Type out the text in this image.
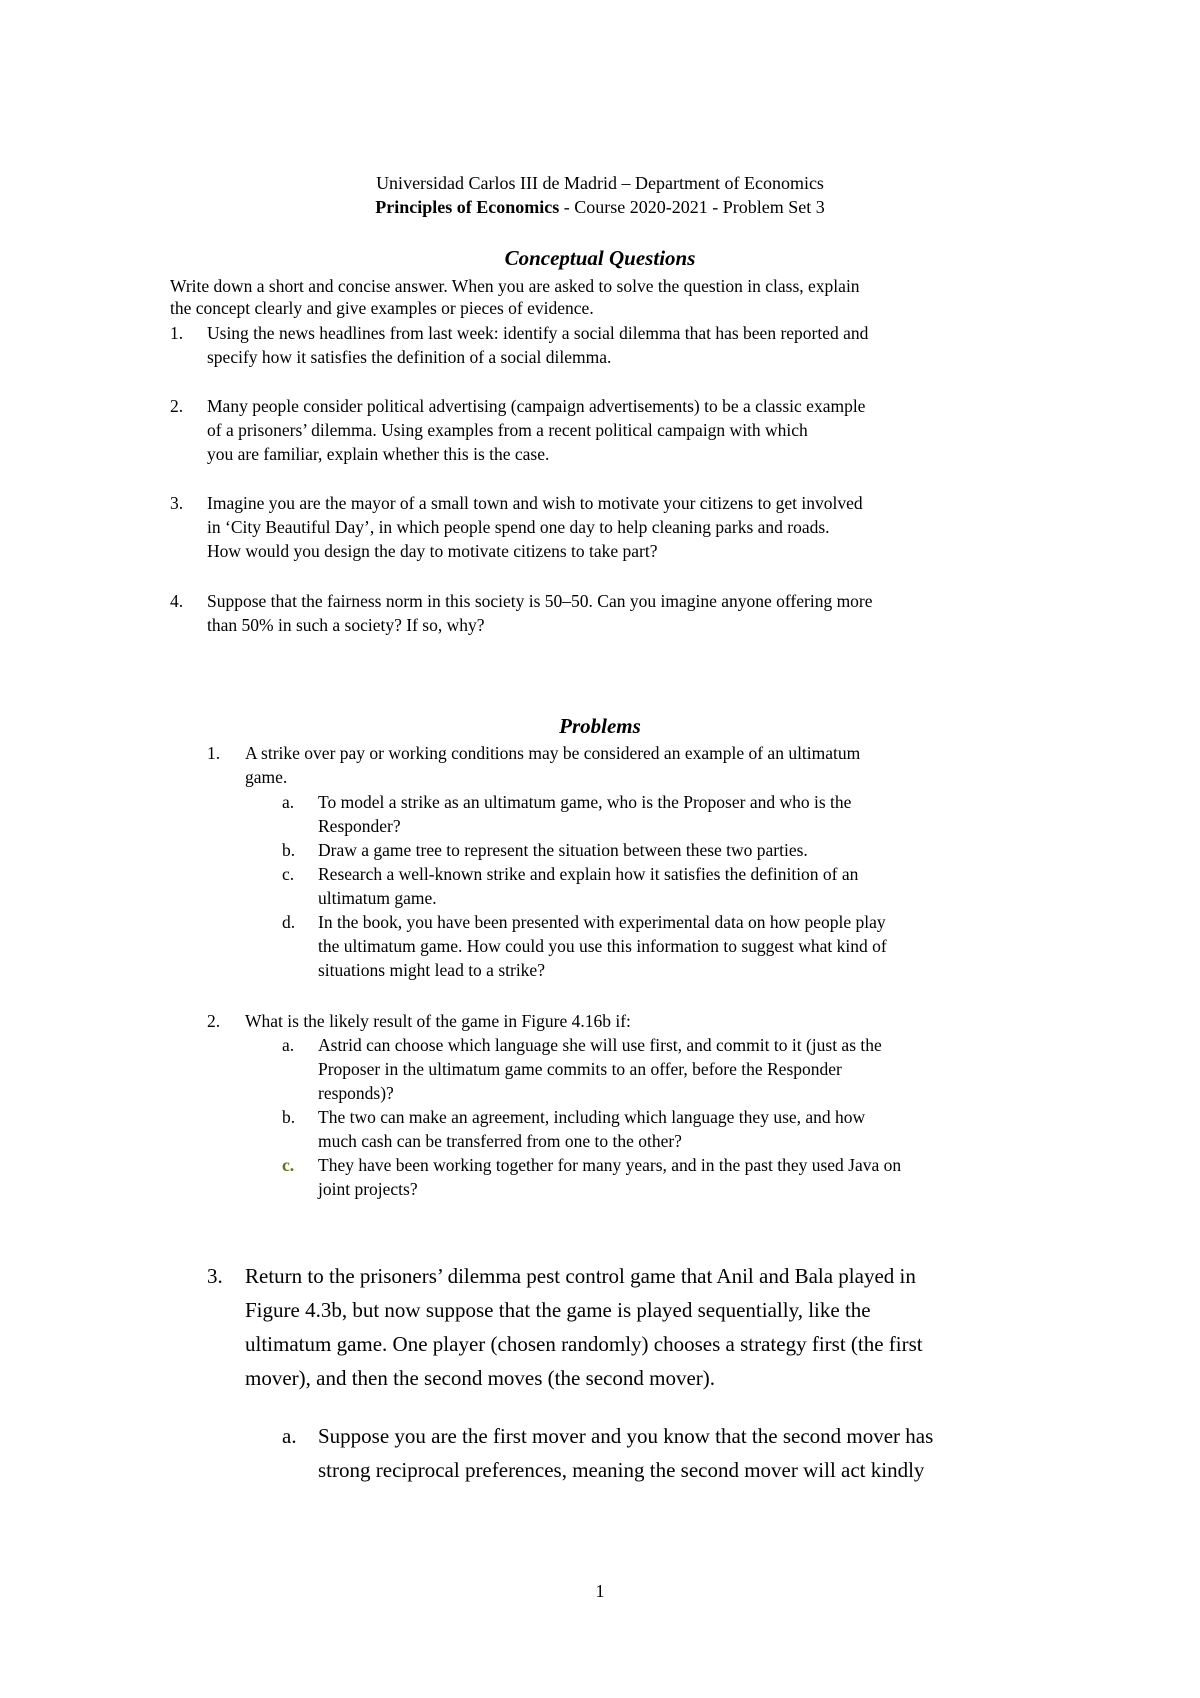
Universidad Carlos III de Madrid – Department of Economics
Principles of Economics - Course 2020-2021 - Problem Set 3
Conceptual Questions
Write down a short and concise answer. When you are asked to solve the question in class, explain
the concept clearly and give examples or pieces of evidence.
1. Using the news headlines from last week: identify a social dilemma that has been reported and
specify how it satisfies the definition of a social dilemma.
2. Many people consider political advertising (campaign advertisements) to be a classic example
of a prisoners’ dilemma. Using examples from a recent political campaign with which
you are familiar, explain whether this is the case.
3. Imagine you are the mayor of a small town and wish to motivate your citizens to get involved
in ‘City Beautiful Day’, in which people spend one day to help cleaning parks and roads.
How would you design the day to motivate citizens to take part?
4. Suppose that the fairness norm in this society is 50–50. Can you imagine anyone offering more
than 50% in such a society? If so, why?
Problems
1. A strike over pay or working conditions may be considered an example of an ultimatum
game.
a. To model a strike as an ultimatum game, who is the Proposer and who is the
Responder?
b. Draw a game tree to represent the situation between these two parties.
c. Research a well-known strike and explain how it satisfies the definition of an
ultimatum game.
d. In the book, you have been presented with experimental data on how people play
the ultimatum game. How could you use this information to suggest what kind of
situations might lead to a strike?
2. What is the likely result of the game in Figure 4.16b if:
a. Astrid can choose which language she will use first, and commit to it (just as the
Proposer in the ultimatum game commits to an offer, before the Responder
responds)?
b. The two can make an agreement, including which language they use, and how
much cash can be transferred from one to the other?
c. They have been working together for many years, and in the past they used Java on
joint projects?
3. Return to the prisoners’ dilemma pest control game that Anil and Bala played in
Figure 4.3b, but now suppose that the game is played sequentially, like the
ultimatum game. One player (chosen randomly) chooses a strategy first (the first
mover), and then the second moves (the second mover).
a. Suppose you are the first mover and you know that the second mover has
strong reciprocal preferences, meaning the second mover will act kindly
1
